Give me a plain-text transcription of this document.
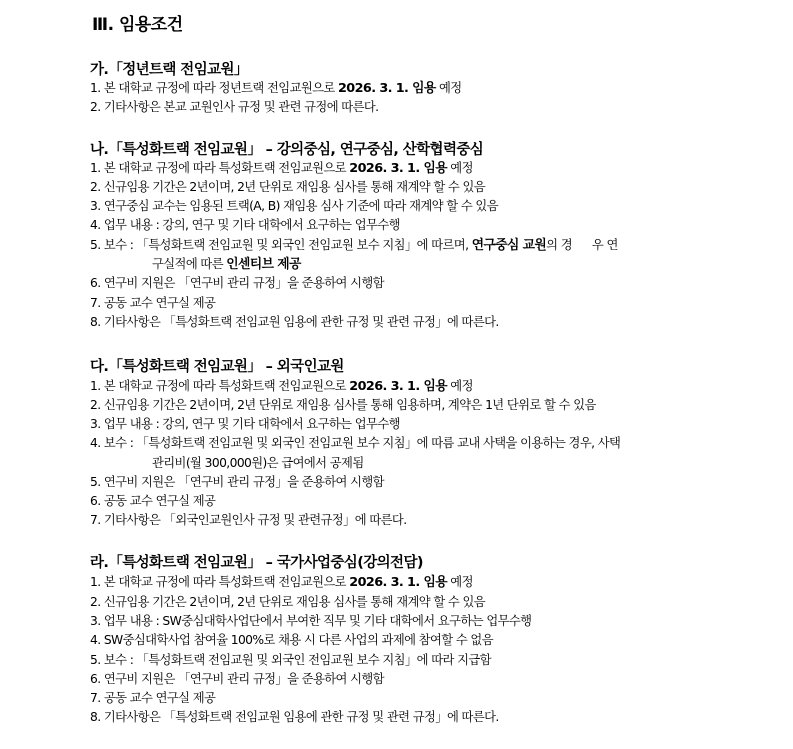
Ⅲ. 임용조건
가.「정년트랙 전임교원」
1. 본 대학교 규정에 따라 정년트랙 전임교원으로 2026. 3. 1. 임용 예정
2. 기타사항은 본교 교원인사 규정 및 관련 규정에 따른다.
나.「특성화트랙 전임교원」 – 강의중심, 연구중심, 산학협력중심
1. 본 대학교 규정에 따라 특성화트랙 전임교원으로 2026. 3. 1. 임용 예정
2. 신규임용 기간은 2년이며, 2년 단위로 재임용 심사를 통해 재계약 할 수 있음
3. 연구중심 교수는 임용된 트랙(A, B) 재임용 심사 기준에 따라 재계약 할 수 있음
4. 업무 내용 : 강의, 연구 및 기타 대학에서 요구하는 업무수행
5. 보수 : 「특성화트랙 전임교원 및 외국인 전임교원 보수 지침」에 따르며, 연구중심 교원의 경      우 연
구실적에 따른 인센티브 제공
6. 연구비 지원은 「연구비 관리 규정」을 준용하여 시행함
7. 공동 교수 연구실 제공
8. 기타사항은 「특성화트랙 전임교원 임용에 관한 규정 및 관련 규정」에 따른다.
다.「특성화트랙 전임교원」 – 외국인교원
1. 본 대학교 규정에 따라 특성화트랙 전임교원으로 2026. 3. 1. 임용 예정
2. 신규임용 기간은 2년이며, 2년 단위로 재임용 심사를 통해 임용하며, 계약은 1년 단위로 할 수 있음
3. 업무 내용 : 강의, 연구 및 기타 대학에서 요구하는 업무수행
4. 보수 : 「특성화트랙 전임교원 및 외국인 전임교원 보수 지침」에 따름 교내 사택을 이용하는 경우, 사택
관리비(월 300,000원)은 급여에서 공제됨
5. 연구비 지원은 「연구비 관리 규정」을 준용하여 시행함
6. 공동 교수 연구실 제공
7. 기타사항은 「외국인교원인사 규정 및 관련규정」에 따른다.
라.「특성화트랙 전임교원」 – 국가사업중심(강의전담)
1. 본 대학교 규정에 따라 특성화트랙 전임교원으로 2026. 3. 1. 임용 예정
2. 신규임용 기간은 2년이며, 2년 단위로 재임용 심사를 통해 재계약 할 수 있음
3. 업무 내용 : SW중심대학사업단에서 부여한 직무 및 기타 대학에서 요구하는 업무수행
4. SW중심대학사업 참여율 100%로 채용 시 다른 사업의 과제에 참여할 수 없음
5. 보수 : 「특성화트랙 전임교원 및 외국인 전임교원 보수 지침」에 따라 지급함
6. 연구비 지원은 「연구비 관리 규정」을 준용하여 시행함
7. 공동 교수 연구실 제공
8. 기타사항은 「특성화트랙 전임교원 임용에 관한 규정 및 관련 규정」에 따른다.
